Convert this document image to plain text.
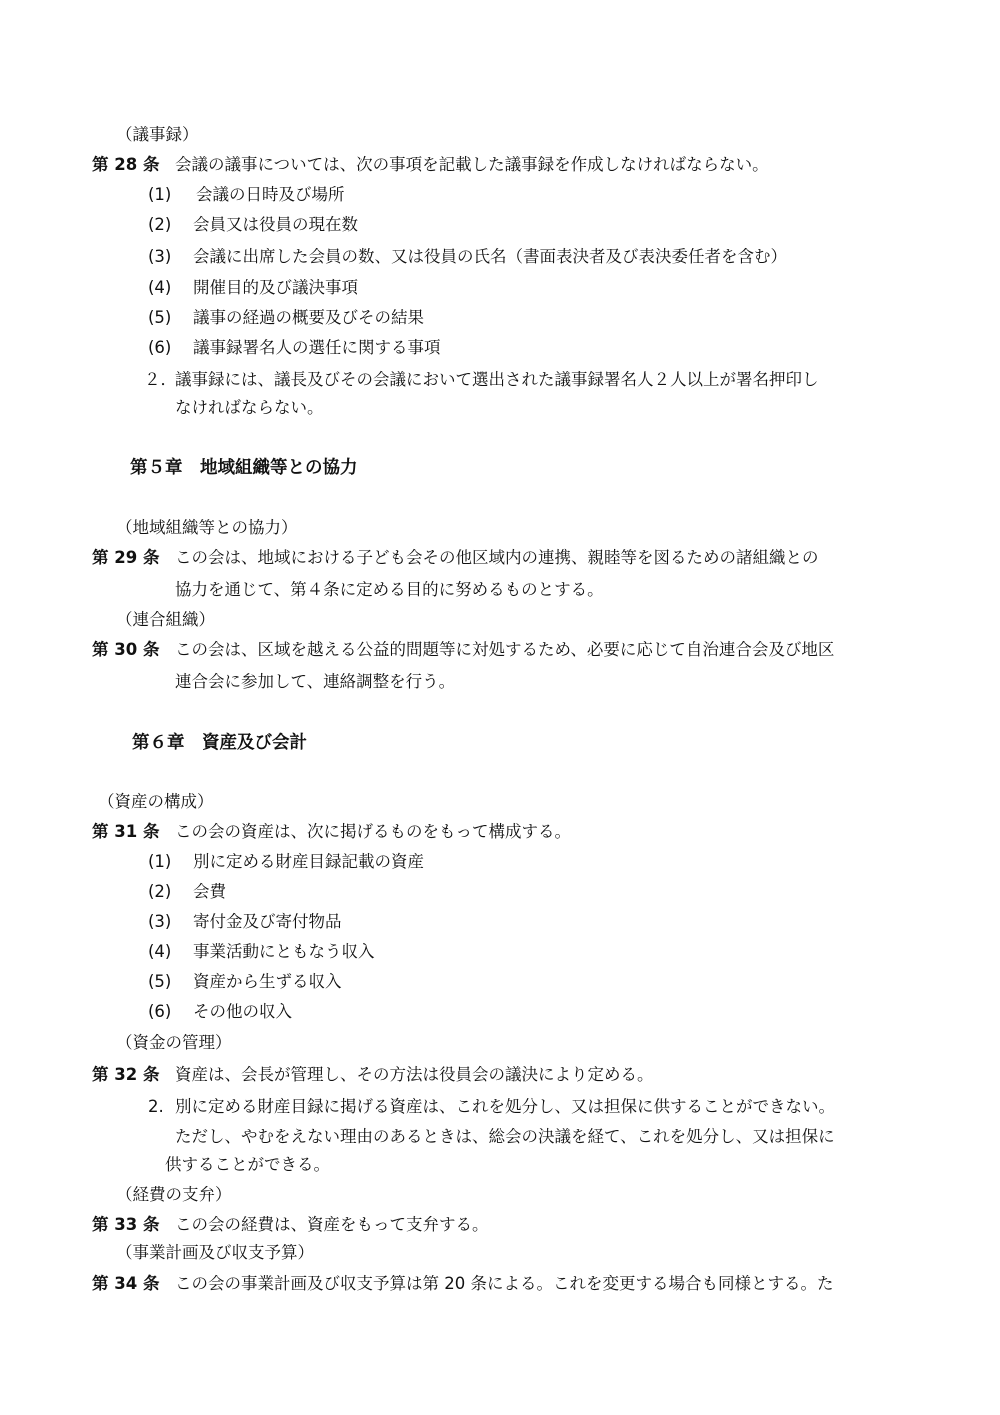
（議事録）
第 28 条 会議の議事については、次の事項を記載した議事録を作成しなければならない。
(1) 会議の日時及び場所
(2) 会員又は役員の現在数
(3) 会議に出席した会員の数、又は役員の氏名（書面表決者及び表決委任者を含む）
(4) 開催目的及び議決事項
(5) 議事の経過の概要及びその結果
(6) 議事録署名人の選任に関する事項
２．
議事録には、議長及びその会議において選出された議事録署名人２人以上が署名押印し
なければならない。
第５章　地域組織等との協力
（地域組織等との協力）
第 29 条 この会は、地域における子ども会その他区域内の連携、親睦等を図るための諸組織との
協力を通じて、第４条に定める目的に努めるものとする。
（連合組織）
第 30 条 この会は、区域を越える公益的問題等に対処するため、必要に応じて自治連合会及び地区
連合会に参加して、連絡調整を行う。
第６章　資産及び会計
（資産の構成）
第 31 条 この会の資産は、次に掲げるものをもって構成する。
(1) 別に定める財産目録記載の資産
(2) 会費
(3) 寄付金及び寄付物品
(4) 事業活動にともなう収入
(5) 資産から生ずる収入
(6) その他の収入
（資金の管理）
第 32 条 資産は、会長が管理し、その方法は役員会の議決により定める。
2. 別に定める財産目録に掲げる資産は、これを処分し、又は担保に供することができない。
ただし、やむをえない理由のあるときは、総会の決議を経て、これを処分し、又は担保に
供することができる。
（経費の支弁）
第 33 条 この会の経費は、資産をもって支弁する。
（事業計画及び収支予算）
第 34 条 この会の事業計画及び収支予算は第 20 条による。これを変更する場合も同様とする。た
